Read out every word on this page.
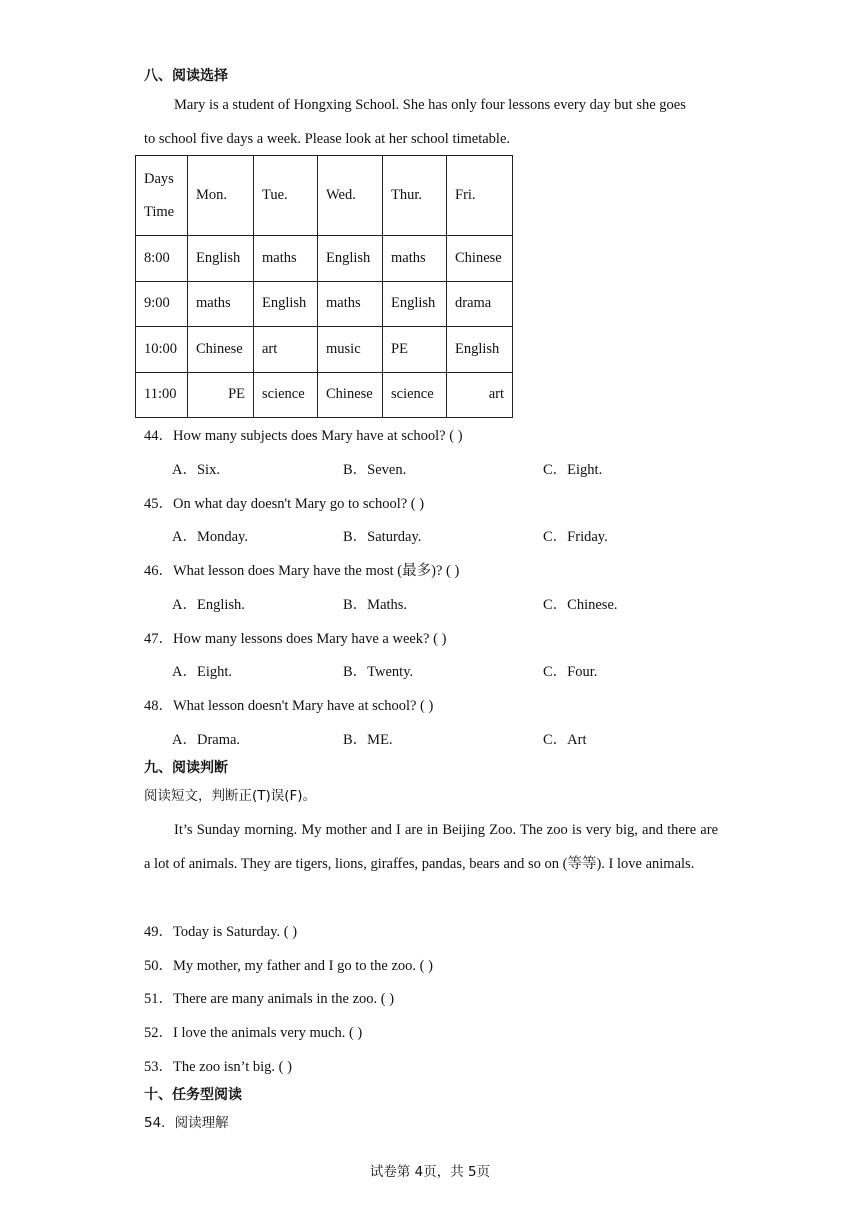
八、阅读选择
Mary is a student of Hongxing School. She has only four lessons every day but she goes
to school five days a week. Please look at her school timetable.
Days
Time	Mon.	Tue.	Wed.	Thur.	Fri.
8:00	English	maths	English	maths	Chinese
9:00	maths	English	maths	English	drama
10:00	Chinese	art	music	PE	English
11:00	PE	science	Chinese	science	art
44．How many subjects does Mary have at school? ( )
A．Six.	B．Seven.	C．Eight.
45．On what day doesn't Mary go to school? ( )
A．Monday.	B．Saturday.	C．Friday.
46．What lesson does Mary have the most (最多)? ( )
A．English.	B．Maths.	C．Chinese.
47．How many lessons does Mary have a week? ( )
A．Eight.	B．Twenty.	C．Four.
48．What lesson doesn't Mary have at school? ( )
A．Drama.	B．ME.	C．Art
九、阅读判断
阅读短文，判断正(T)误(F)。
It’s Sunday morning. My mother and I are in Beijing Zoo. The zoo is very big, and there are a lot of animals. They are tigers, lions, giraffes, pandas, bears and so on (等等). I love animals.
49．Today is Saturday. ( )
50．My mother, my father and I go to the zoo. ( )
51．There are many animals in the zoo. ( )
52．I love the animals very much. ( )
53．The zoo isn’t big. ( )
十、任务型阅读
54．阅读理解
试卷第 4页，共 5页
